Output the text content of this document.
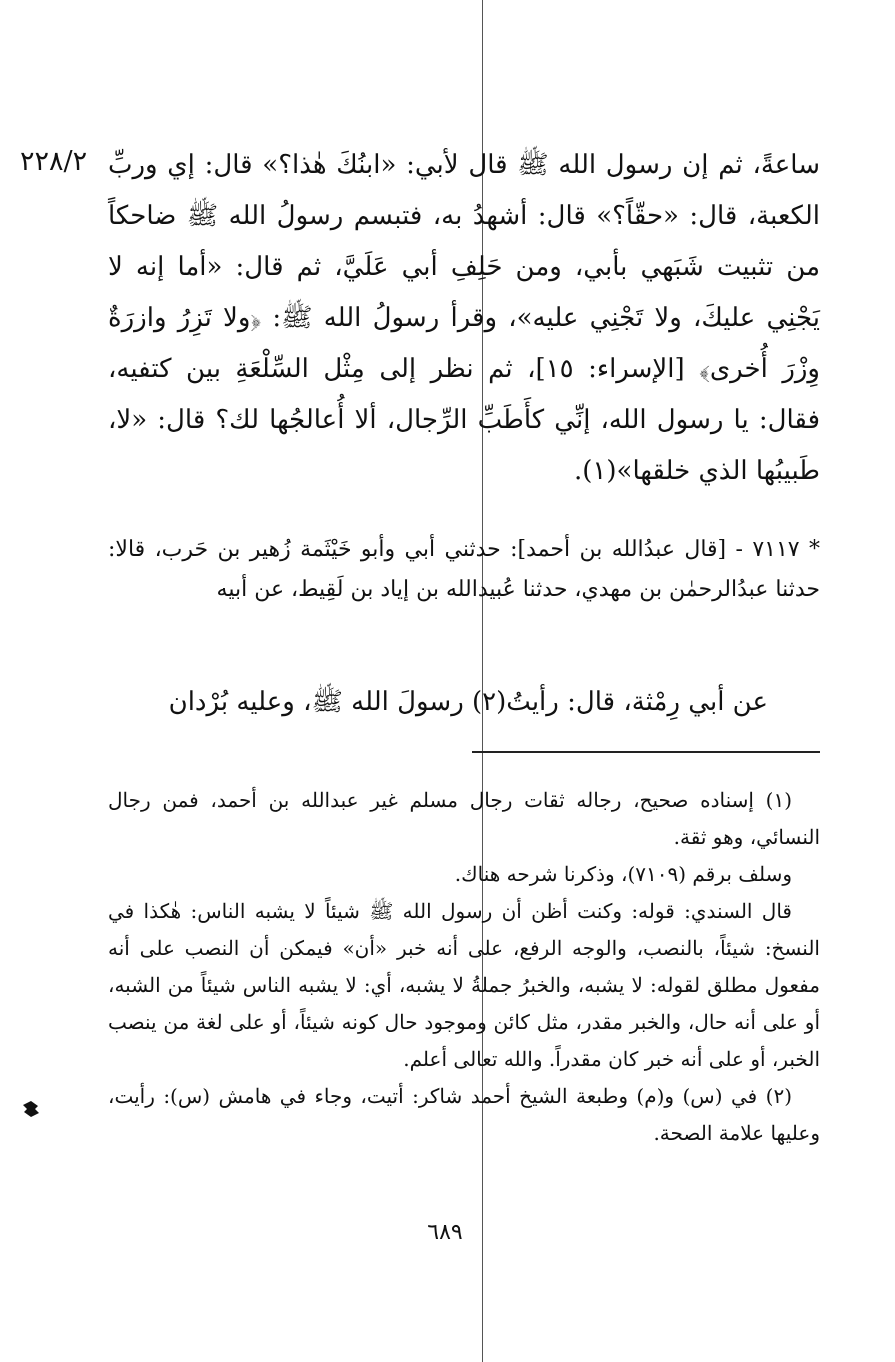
٢٢٨/٢ ساعةً، ثم إن رسول الله ﷺ قال لأبي: «ابنُكَ هٰذا؟» قال: إي وربِّ الكعبة، قال: «حقّاً؟» قال: أشهدُ به، فتبسم رسولُ الله ﷺ ضاحكاً من تثبيت شَبَهي بأبي، ومن حَلِفِ أبي عَلَيَّ، ثم قال: «أما إنه لا يَجْنِي عليكَ، ولا تَجْنِي عليه»، وقرأ رسولُ الله ﷺ: ﴿ولا تَزِرُ وازرَةٌ وِزْرَ أُخرى﴾ [الإسراء: ١٥]، ثم نظر إلى مِثْل السِّلْعَةِ بين كتفيه، فقال: يا رسول الله، إنِّي كأَطَبِّ الرِّجال، ألا أُعالجُها لك؟ قال: «لا، طَبيبُها الذي خلقها»(١).
* ٧١١٧ - [قال عبدُالله بن أحمد]: حدثني أبي وأبو خَيْثَمة زُهير بن حَرب، قالا: حدثنا عبدُالرحمٰن بن مهدي، حدثنا عُبيدالله بن إياد بن لَقِيط، عن أبيه
عن أبي رِمْثة، قال: رأيتُ(٢) رسولَ الله ﷺ، وعليه بُرْدان

(١) إسناده صحيح، رجاله ثقات رجال مسلم غير عبدالله بن أحمد، فمن رجال النسائي، وهو ثقة.

وسلف برقم (٧١٠٩)، وذكرنا شرحه هناك.

قال السندي: قوله: وكنت أظن أن رسول الله ﷺ شيئاً لا يشبه الناس: هٰكذا في النسخ: شيئاً، بالنصب، والوجه الرفع، على أنه خبر «أن» فيمكن أن النصب على أنه مفعول مطلق لقوله: لا يشبه، والخبرُ جملةُ لا يشبه، أي: لا يشبه الناس شيئاً من الشبه، أو على أنه حال، والخبر مقدر، مثل كائن وموجود حال كونه شيئاً، أو على لغة من ينصب الخبر، أو على أنه خبر كان مقدراً. والله تعالى أعلم.

(٢) في (س) و(م) وطبعة الشيخ أحمد شاكر: أتيت، وجاء في هامش (س): رأيت، وعليها علامة الصحة.

٦٨٩
